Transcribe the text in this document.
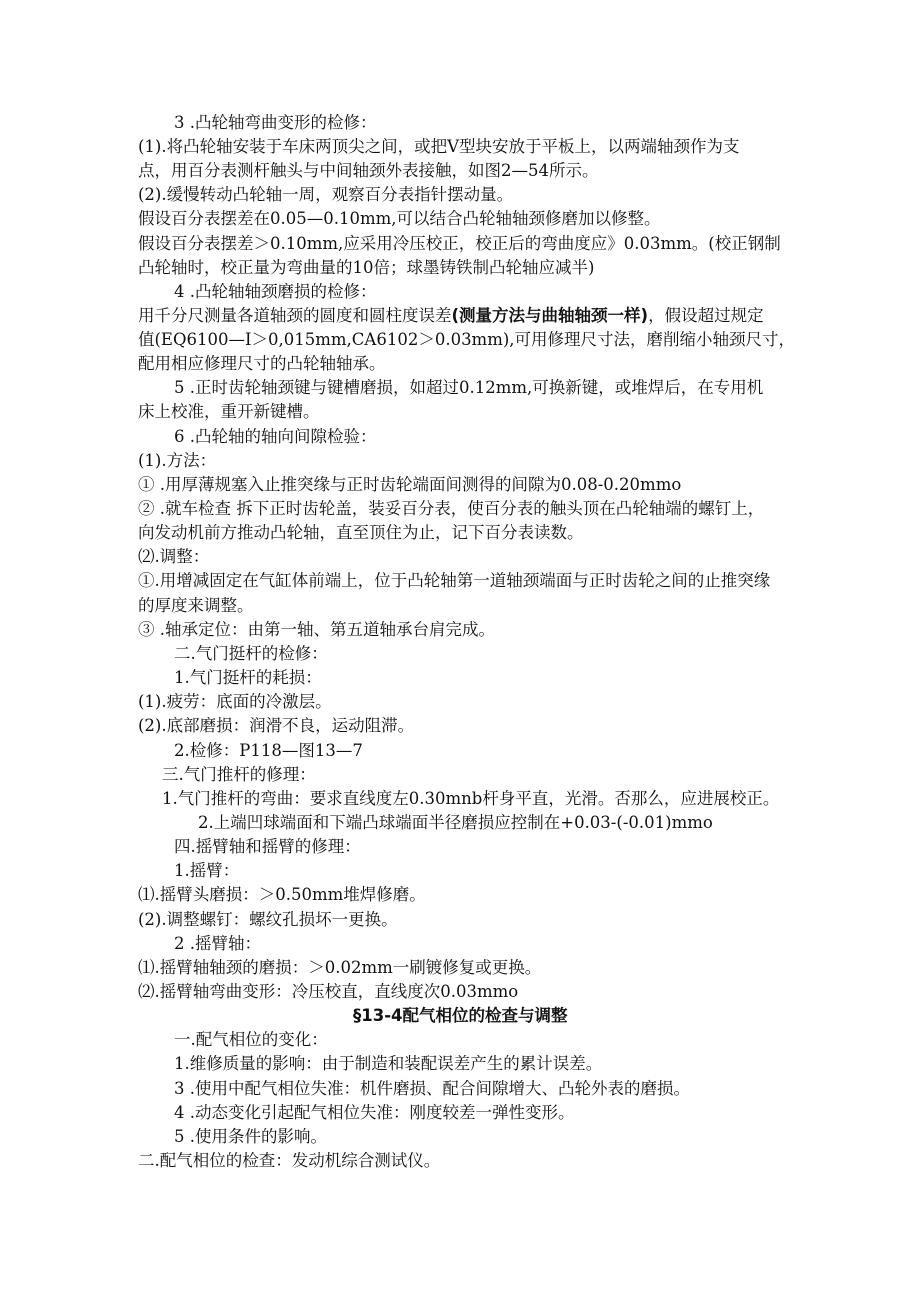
3 .凸轮轴弯曲变形的检修：
(1).将凸轮轴安装于车床两顶尖之间，或把V型块安放于平板上，以两端轴颈作为支
点，用百分表测杆触头与中间轴颈外表接触，如图2—54所示。
(2).缓慢转动凸轮轴一周，观察百分表指针摆动量。
假设百分表摆差在0.05—0.10mm,可以结合凸轮轴轴颈修磨加以修整。
假设百分表摆差＞0.10mm,应采用冷压校正，校正后的弯曲度应》0.03mm。(校正钢制
凸轮轴时，校正量为弯曲量的10倍；球墨铸铁制凸轮轴应减半)
4 .凸轮轴轴颈磨损的检修：
用千分尺测量各道轴颈的圆度和圆柱度误差(测量方法与曲轴轴颈一样)，假设超过规定
值(EQ6100—I＞0,015mm,CA6102＞0.03mm),可用修理尺寸法，磨削缩小轴颈尺寸，
配用相应修理尺寸的凸轮轴轴承。
5 .正时齿轮轴颈键与键槽磨损，如超过0.12mm,可换新键，或堆焊后，在专用机
床上校准，重开新键槽。
6 .凸轮轴的轴向间隙检验：
(1).方法：
① .用厚薄规塞入止推突缘与正时齿轮端面间测得的间隙为0.08-0.20mmo
② .就车检查 拆下正时齿轮盖，装妥百分表，使百分表的触头顶在凸轮轴端的螺钉上，
向发动机前方推动凸轮轴，直至顶住为止，记下百分表读数。
⑵.调整：
①.用增减固定在气缸体前端上，位于凸轮轴第一道轴颈端面与正时齿轮之间的止推突缘
的厚度来调整。
③ .轴承定位：由第一轴、第五道轴承台肩完成。
二.气门挺杆的检修：
1.气门挺杆的耗损：
(1).疲劳：底面的冷激层。
(2).底部磨损：润滑不良，运动阻滞。
2.检修：P118—图13—7
三.气门推杆的修理：
1.气门推杆的弯曲：要求直线度左0.30mnb杆身平直，光滑。否那么，应进展校正。
2.上端凹球端面和下端凸球端面半径磨损应控制在+0.03-(-0.01)mmo
四.摇臂轴和摇臂的修理：
1.摇臂：
⑴.摇臂头磨损：＞0.50mm堆焊修磨。
(2).调整螺钉：螺纹孔损坏一更换。
2 .摇臂轴：
⑴.摇臂轴轴颈的磨损：＞0.02mm一刷镀修复或更换。
⑵.摇臂轴弯曲变形：冷压校直，直线度次0.03mmo
§13-4配气相位的检查与调整
一.配气相位的变化：
1.维修质量的影响：由于制造和装配误差产生的累计误差。
3 .使用中配气相位失准：机件磨损、配合间隙增大、凸轮外表的磨损。
4 .动态变化引起配气相位失准：刚度较差一弹性变形。
5 .使用条件的影响。
二.配气相位的检查：发动机综合测试仪。
